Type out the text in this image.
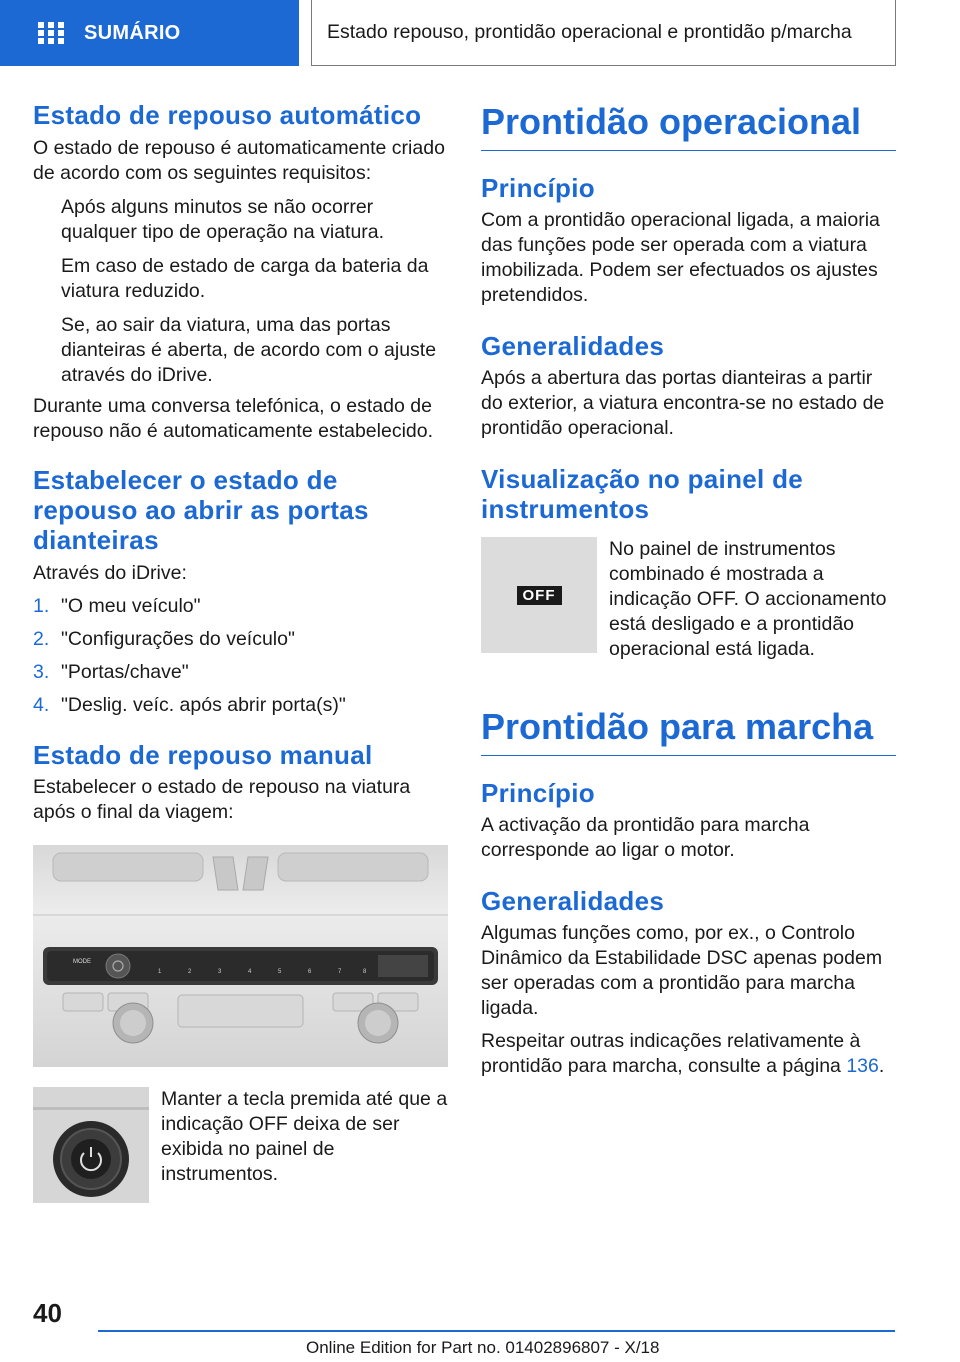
SUMÁRIO	Estado repouso, prontidão operacional e prontidão p/marcha
Estado de repouso automático

O estado de repouso é automaticamente criado de acordo com os seguintes requisitos:

Após alguns minutos se não ocorrer qualquer tipo de operação na viatura.
Em caso de estado de carga da bateria da viatura reduzido.
Se, ao sair da viatura, uma das portas dianteiras é aberta, de acordo com o ajuste através do iDrive.

Durante uma conversa telefónica, o estado de repouso não é automaticamente estabelecido.

Estabelecer o estado de repouso ao abrir as portas dianteiras

Através do iDrive:

1. "O meu veículo"
2. "Configurações do veículo"
3. "Portas/chave"
4. "Deslig. veíc. após abrir porta(s)"
Estado de repouso manual

Estabelecer o estado de repouso na viatura após o final da viagem:

MODE
1	2	3	4	5	6	7	8

Manter a tecla premida até que a indicação OFF deixa de ser exibida no painel de instrumentos.

Prontidão operacional
Princípio

Com a prontidão operacional ligada, a maioria das funções pode ser operada com a viatura imobilizada. Podem ser efectuados os ajustes pretendidos.

Generalidades

Após a abertura das portas dianteiras a partir do exterior, a viatura encontra-se no estado de prontidão operacional.

Visualização no painel de instrumentos
OFF

No painel de instrumentos combinado é mostrada a indicação OFF. O accionamento está desligado e a prontidão operacional está ligada.

Prontidão para marcha
Princípio

A activação da prontidão para marcha corresponde ao ligar o motor.

Generalidades

Algumas funções como, por ex., o Controlo Dinâmico da Estabilidade DSC apenas podem ser operadas com a prontidão para marcha ligada.

Respeitar outras indicações relativamente à prontidão para marcha, consulte a página 136.

40
Online Edition for Part no. 01402896807 - X/18
